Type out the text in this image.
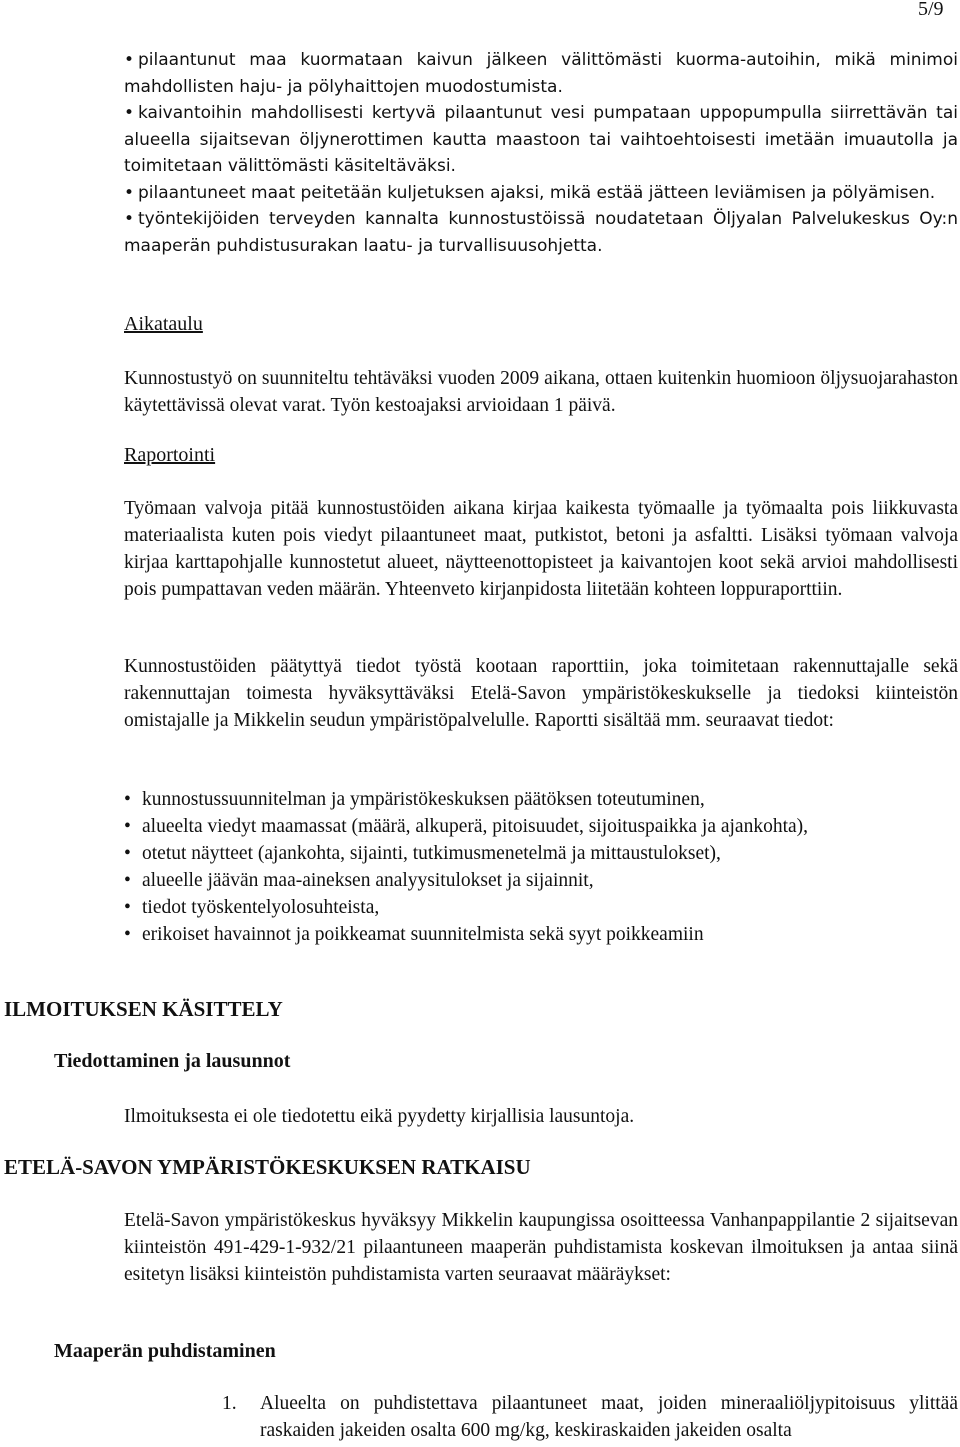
5/9

• pilaantunut maa kuormataan kaivun jälkeen välittömästi kuorma-autoihin, mikä minimoi mahdollisten haju- ja pölyhaittojen muodostumista.

• kaivantoihin mahdollisesti kertyvä pilaantunut vesi pumpataan uppopumpulla siirrettävän tai alueella sijaitsevan öljynerottimen kautta maastoon tai vaihtoehtoisesti imetään imuautolla ja toimitetaan välittömästi käsiteltäväksi.

• pilaantuneet maat peitetään kuljetuksen ajaksi, mikä estää jätteen leviämisen ja pölyämisen.

• työntekijöiden terveyden kannalta kunnostustöissä noudatetaan Öljyalan Palvelukeskus Oy:n maaperän puhdistusurakan laatu- ja turvallisuusohjetta.

Aikataulu
Kunnostustyö on suunniteltu tehtäväksi vuoden 2009 aikana, ottaen kuitenkin huomioon öljysuojarahaston käytettävissä olevat varat. Työn kestoajaksi arvioidaan 1 päivä.
Raportointi
Työmaan valvoja pitää kunnostustöiden aikana kirjaa kaikesta työmaalle ja työmaalta pois liikkuvasta materiaalista kuten pois viedyt pilaantuneet maat, putkistot, betoni ja asfaltti. Lisäksi työmaan valvoja kirjaa karttapohjalle kunnostetut alueet, näytteenottopisteet ja kaivantojen koot sekä arvioi mahdollisesti pois pumpattavan veden määrän. Yhteenveto kirjanpidosta liitetään kohteen loppuraporttiin.
Kunnostustöiden päätyttyä tiedot työstä kootaan raporttiin, joka toimitetaan rakennuttajalle sekä rakennuttajan toimesta hyväksyttäväksi Etelä-Savon ympäristökeskukselle ja tiedoksi kiinteistön omistajalle ja Mikkelin seudun ympäristöpalvelulle. Raportti sisältää mm. seuraavat tiedot:
• kunnostussuunnitelman ja ympäristökeskuksen päätöksen toteutuminen,
• alueelta viedyt maamassat (määrä, alkuperä, pitoisuudet, sijoituspaikka ja ajankohta),
• otetut näytteet (ajankohta, sijainti, tutkimusmenetelmä ja mittaustulokset),
• alueelle jäävän maa-aineksen analyysitulokset ja sijainnit,
• tiedot työskentelyolosuhteista,
• erikoiset havainnot ja poikkeamat suunnitelmista sekä syyt poikkeamiin
ILMOITUKSEN KÄSITTELY
Tiedottaminen ja lausunnot
Ilmoituksesta ei ole tiedotettu eikä pyydetty kirjallisia lausuntoja.
ETELÄ-SAVON YMPÄRISTÖKESKUKSEN RATKAISU
Etelä-Savon ympäristökeskus hyväksyy Mikkelin kaupungissa osoitteessa Vanhanpappilantie 2 sijaitsevan kiinteistön 491-429-1-932/21 pilaantuneen maaperän puhdistamista koskevan ilmoituksen ja antaa siinä esitetyn lisäksi kiinteistön puhdistamista varten seuraavat määräykset:
Maaperän puhdistaminen
1.	Alueelta on puhdistettava pilaantuneet maat, joiden mineraaliöljypitoisuus ylittää raskaiden jakeiden osalta 600 mg/kg, keskiraskaiden jakeiden osalta
